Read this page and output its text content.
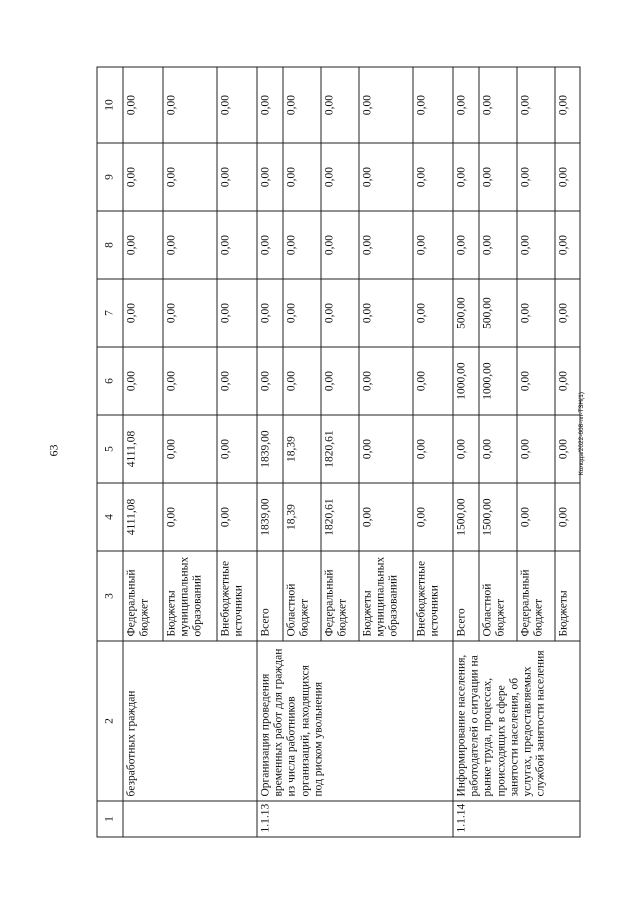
63	Колода/2022-608-пп-ТЗН(1)
1	2	3	4	5	6	7	8	9	10
	безработных граждан	Федеральный бюджет	4111,08	4111,08	0,00	0,00	0,00	0,00	0,00
		Бюджеты муниципальных образований	0,00	0,00	0,00	0,00	0,00	0,00	0,00
		Внебюджетные источники	0,00	0,00	0,00	0,00	0,00	0,00	0,00
1.1.13	Организация проведения временных работ для граждан из числа работников организаций, находящихся под риском увольнения	Всего	1839,00	1839,00	0,00	0,00	0,00	0,00	0,00
		Областной бюджет	18,39	18,39	0,00	0,00	0,00	0,00	0,00
		Федеральный бюджет	1820,61	1820,61	0,00	0,00	0,00	0,00	0,00
		Бюджеты муниципальных образований	0,00	0,00	0,00	0,00	0,00	0,00	0,00
		Внебюджетные источники	0,00	0,00	0,00	0,00	0,00	0,00	0,00
1.1.14	Информирование населения, работодателей о ситуации на рынке труда, процессах, происходящих в сфере занятости населения, об услугах, предоставляемых службой занятости населения	Всего	1500,00	0,00	1000,00	500,00	0,00	0,00	0,00
		Областной бюджет	1500,00	0,00	1000,00	500,00	0,00	0,00	0,00
		Федеральный бюджет	0,00	0,00	0,00	0,00	0,00	0,00	0,00
		Бюджеты	0,00	0,00	0,00	0,00	0,00	0,00	0,00
